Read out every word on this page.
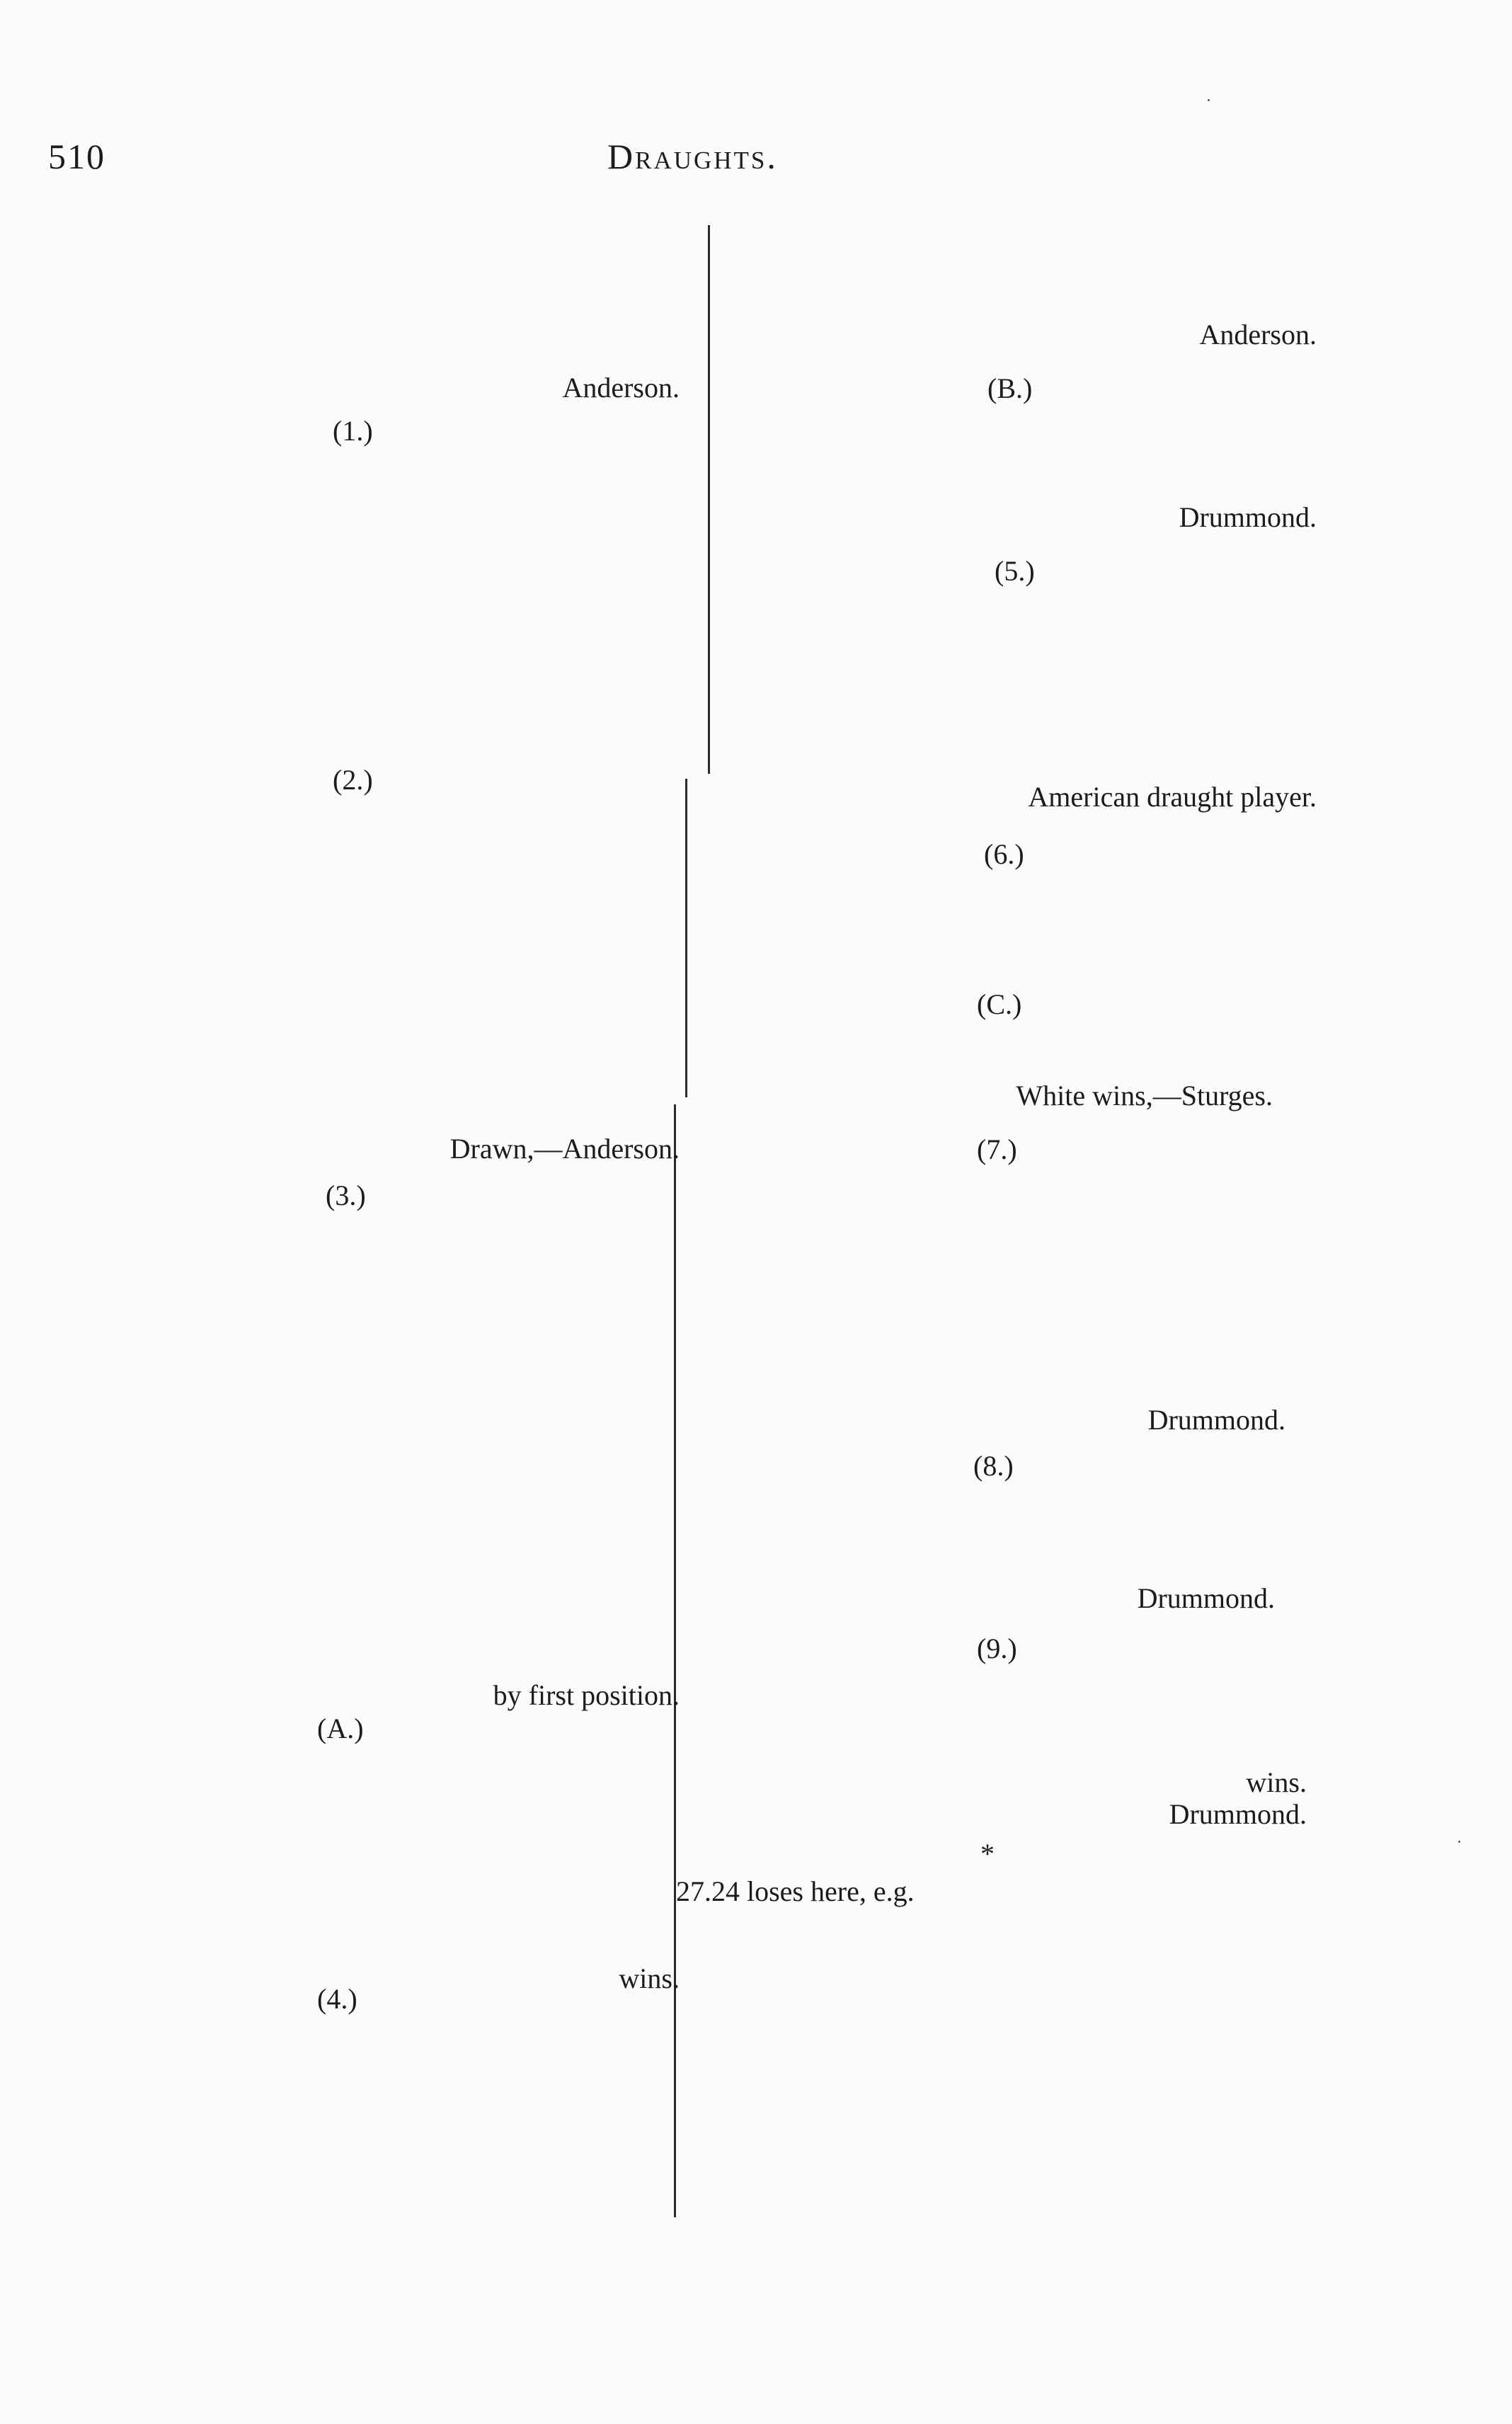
510	Draughts.
Anderson.
(1.)
(2.)
Drawn,—Anderson.
(3.)
by first position.
(A.)
wins.
(4.)
Anderson.
(B.)
Drummond.
(5.)
American draught player.
(6.)
(C.)
White wins,—Sturges.
(7.)
Drummond.
(8.)
Drummond.
(9.)
wins.
Drummond.
*
27.24 loses here, e.g.
